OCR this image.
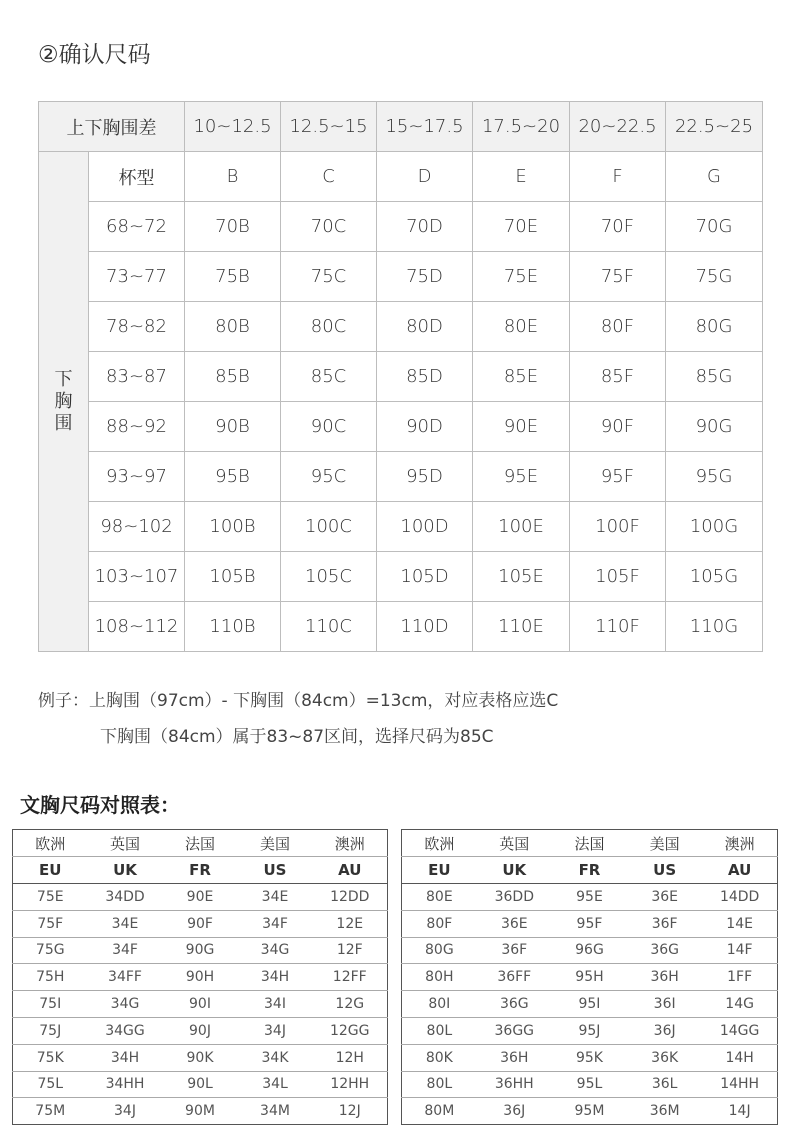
②确认尺码
上下胸围差		10~12.5	12.5~15	15~17.5	17.5~20	20~22.5	22.5~25
下胸围	杯型	B	C	D	E	F	G
	68~72	70B	70C	70D	70E	70F	70G
	73~77	75B	75C	75D	75E	75F	75G
	78~82	80B	80C	80D	80E	80F	80G
	83~87	85B	85C	85D	85E	85F	85G
	88~92	90B	90C	90D	90E	90F	90G
	93~97	95B	95C	95D	95E	95F	95G
	98~102	100B	100C	100D	100E	100F	100G
	103~107	105B	105C	105D	105E	105F	105G
	108~112	110B	110C	110D	110E	110F	110G
例子：上胸围（97cm）- 下胸围（84cm）=13cm，对应表格应选C
下胸围（84cm）属于83~87区间，选择尺码为85C
文胸尺码对照表：
欧洲	英国	法国	美国	澳洲
EU	UK	FR	US	AU
75E	34DD	90E	34E	12DD
75F	34E	90F	34F	12E
75G	34F	90G	34G	12F
75H	34FF	90H	34H	12FF
75I	34G	90I	34I	12G
75J	34GG	90J	34J	12GG
75K	34H	90K	34K	12H
75L	34HH	90L	34L	12HH
75M	34J	90M	34M	12J
欧洲	英国	法国	美国	澳洲
EU	UK	FR	US	AU
80E	36DD	95E	36E	14DD
80F	36E	95F	36F	14E
80G	36F	96G	36G	14F
80H	36FF	95H	36H	1FF
80I	36G	95I	36I	14G
80L	36GG	95J	36J	14GG
80K	36H	95K	36K	14H
80L	36HH	95L	36L	14HH
80M	36J	95M	36M	14J
